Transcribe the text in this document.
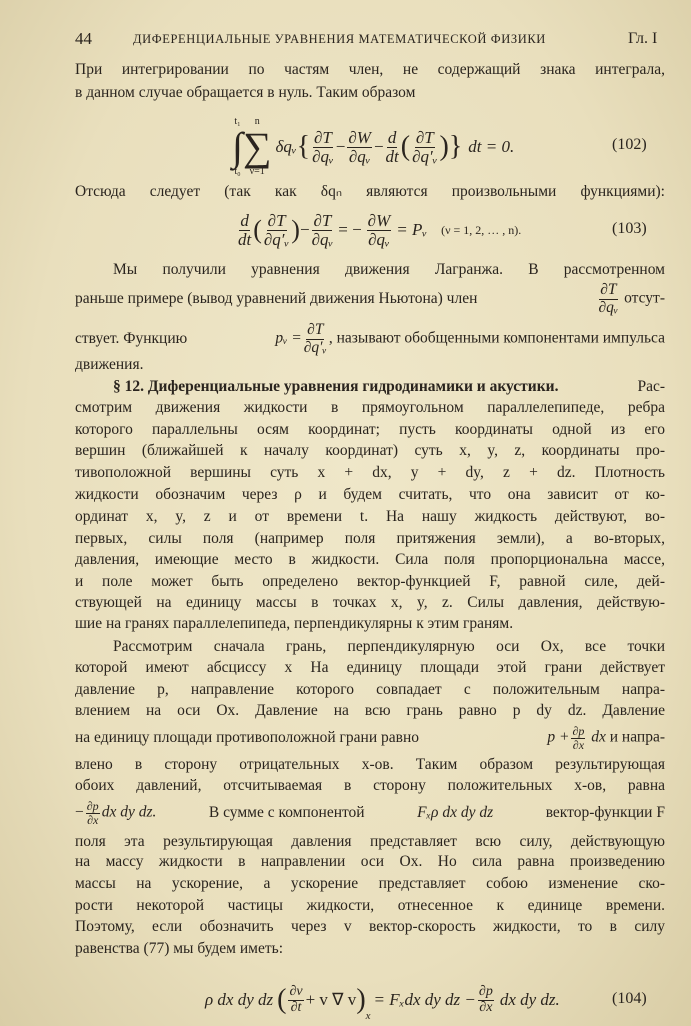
44	ДИФЕРЕНЦИАЛЬНЫЕ УРАВНЕНИЯ МАТЕМАТИЧЕСКОЙ ФИЗИКИ	Гл. I
При интегрировании по частям член, не содержащий знака интеграла,
в данном случае обращается в нуль. Таким образом
Отсюда следует (так как δqₙ являются произвольными функциями):
Мы получили уравнения движения Лагранжа. В рассмотренном
движения.
смотрим движения жидкости в прямоугольном параллелепипеде, ребра
которого параллельны осям координат; пусть координаты одной из его
вершин (ближайшей к началу координат) суть x, y, z, координаты про-
тивоположной вершины суть x + dx, y + dy, z + dz. Плотность
жидкости обозначим через ρ и будем считать, что она зависит от ко-
ординат x, y, z и от времени t. На нашу жидкость действуют, во-
первых, силы поля (например поля притяжения земли), а во-вторых,
давления, имеющие место в жидкости. Сила поля пропорциональна массе,
и поле может быть определено вектор-функцией F, равной силе, дей-
ствующей на единицу массы в точках x, y, z. Силы давления, действую-
шие на гранях параллелепипеда, перпендикулярны к этим граням.
Рассмотрим сначала грань, перпендикулярную оси Ox, все точки
которой имеют абсциссу x На единицу площади этой грани действует
давление p, направление которого совпадает с положительным напра-
влением на оси Ox. Давление на всю грань равно p dy dz. Давление
влено в сторону отрицательных x-ов. Таким образом результирующая
обоих давлений, отсчитываемая в сторону положительных x-ов, равна
поля эта результирующая давления представляет всю силу, действующую
на массу жидкости в направлении оси Ox. Но сила равна произведению
массы на ускорение, а ускорение представляет собою изменение ско-
рости некоторой частицы жидкости, отнесенное к единице времени.
Поэтому, если обозначить через v вектор-скорость жидкости, то в силу
равенства (77) мы будем иметь:
t₁
∫
t₀
n
∑
ν=1
δqᵥ { $\frac{\partial T}{\text{∂qᵥ}} - \frac{\partial W}{\text{∂qᵥ}} - \frac{d}{dt}$ ( $\frac{\partial T}{\text{∂q′ᵥ}}$ ) } dt = 0.	(102)
$\frac{d}{dt}$ ( $\frac{\partial T}{\text{∂q′ᵥ}}$ ) − $\frac{\partial T}{\text{∂qᵥ}}$ = − $\frac{\partial W}{\text{∂qᵥ}}$ = Pᵥ (ν = 1, 2, … , n).	(103)
раньше примере (вывод уравнений движения Ньютона) член	$\frac{\partial T}{\text{∂qᵥ}}$ отсут-
ствует. Функцию	pᵥ = $\frac{\partial T}{\text{∂q′ᵥ}}$ , называют обобщенными компонентами импульса
§ 12. Диференциальные уравнения гидродинамики и акустики.	Рас-
на единицу площади противоположной грани равно	$p + \frac{\partial p}{\partial x}$ dx и напра-
− $\frac{\partial p}{\partial x}$ dx dy dz.	В сумме с компонентой	Fₓρ dx dy dz	вектор-функции F
ρ dx dy dz ( $\frac{\partial v}{\partial t} + v$ ∇ v )
x
= Fₓdx dy dz − $\frac{\partial p}{\partial x}$ dx dy dz.	(104)
